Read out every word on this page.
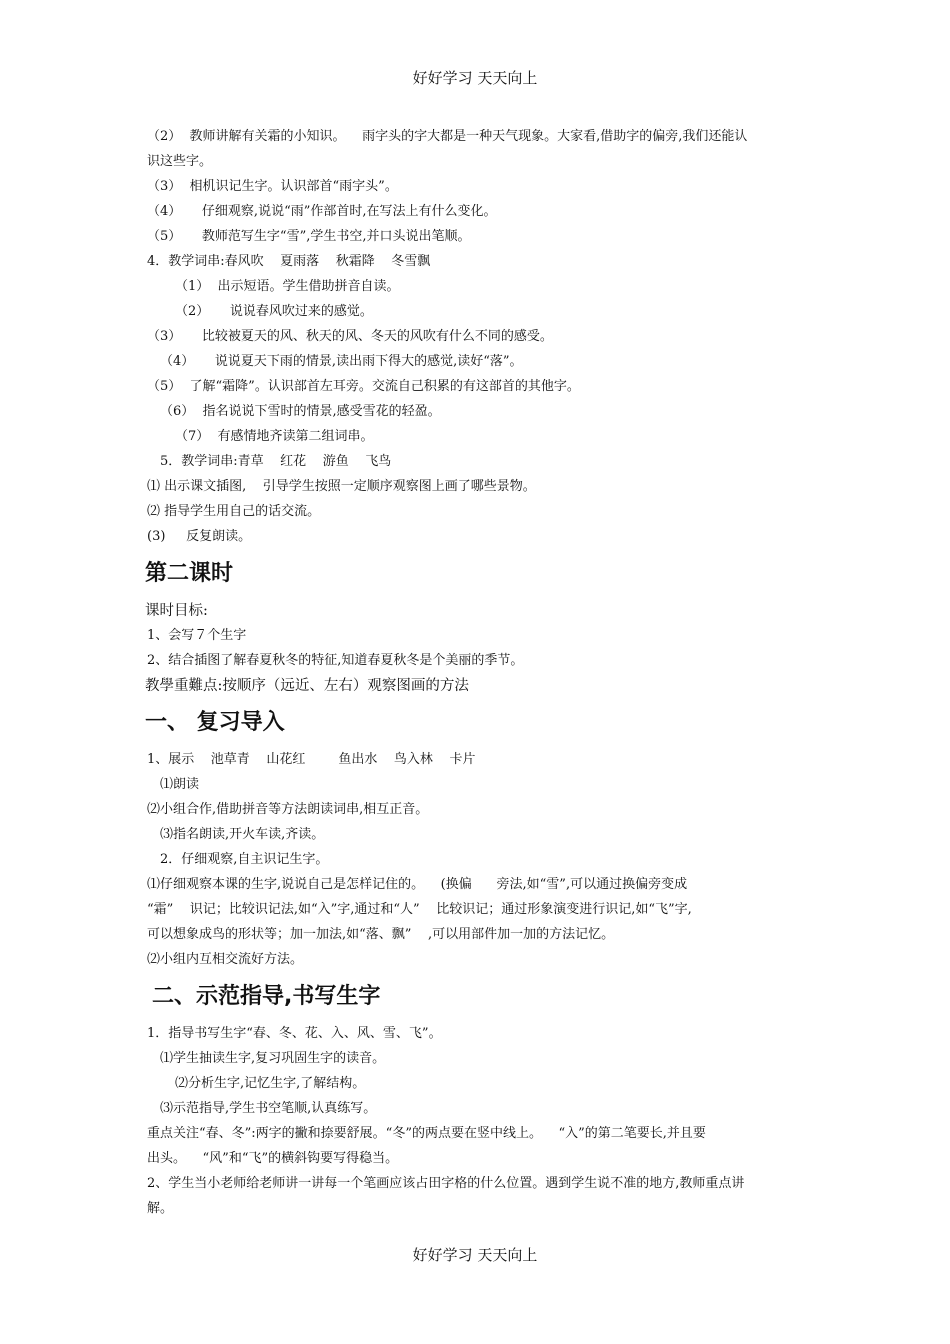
好好学习 天天向上
（2）  教师讲解有关霜的小知识。    雨字头的字大都是一种天气现象。大家看,借助字的偏旁,我们还能认
识这些字。
（3）  相机识记生字。认识部首“雨字头”。
（4）     仔细观察,说说“雨”作部首时,在写法上有什么变化。
（5）     教师范写生字“雪”,学生书空,并口头说出笔顺。
4．教学词串:春风吹    夏雨落    秋霜降    冬雪飘
（1）  出示短语。学生借助拼音自读。
（2）     说说春风吹过来的感觉。
（3）     比较被夏天的风、秋天的风、冬天的风吹有什么不同的感受。
（4）     说说夏天下雨的情景,读出雨下得大的感觉,读好“落”。
（5）  了解“霜降”。认识部首左耳旁。交流自己积累的有这部首的其他字。
（6）  指名说说下雪时的情景,感受雪花的轻盈。
（7）  有感情地齐读第二组词串。
5．教学词串:青草    红花    游鱼    飞鸟
⑴ 出示课文插图,    引导学生按照一定顺序观察图上画了哪些景物。
⑵ 指导学生用自己的话交流。
(3)     反复朗读。
第二课时
课时目标:
1、会写７个生字
2、结合插图了解春夏秋冬的特征,知道春夏秋冬是个美丽的季节。
教學重難点:按顺序（远近、左右）观察图画的方法
一、 复习导入
1、展示    池草青    山花红        鱼出水    鸟入林    卡片
⑴朗读
⑵小组合作,借助拼音等方法朗读词串,相互正音。
⑶指名朗读,开火车读,齐读。
2．仔细观察,自主识记生字。
⑴仔细观察本课的生字,说说自己是怎样记住的。    (换偏      旁法,如“雪”,可以通过换偏旁变成
“霜”    识记；比较识记法,如“入”字,通过和“人”    比较识记；通过形象演变进行识记,如“飞”字,
可以想象成鸟的形状等；加一加法,如“落、飘”    ,可以用部件加一加的方法记忆。
⑵小组内互相交流好方法。
二、示范指导,书写生字
1．指导书写生字“春、冬、花、入、风、雪、飞”。
⑴学生抽读生字,复习巩固生字的读音。
⑵分析生字,记忆生字,了解结构。
⑶示范指导,学生书空笔顺,认真练写。
重点关注“春、冬”:两字的撇和捺要舒展。“冬”的两点要在竖中线上。    “入”的第二笔要长,并且要
出头。    “风”和“飞”的横斜钩要写得稳当。
2、学生当小老师给老师讲一讲每一个笔画应该占田字格的什么位置。遇到学生说不准的地方,教师重点讲
解。
好好学习 天天向上
